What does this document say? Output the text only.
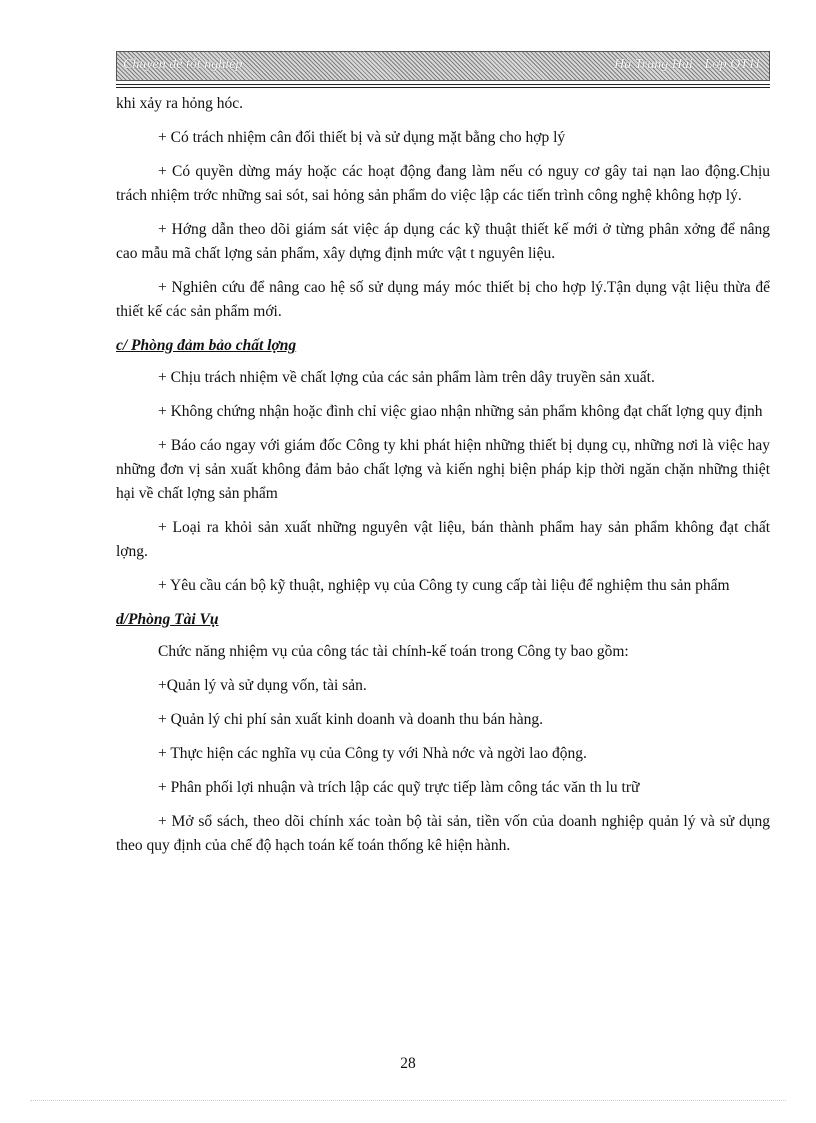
Chuyên đề tốt nghiệp	Hà Trung Hải - Lớp QT11

khi xảy ra hỏng hóc.

+ Có trách nhiệm cân đối thiết bị và sử dụng mặt bằng cho hợp lý

+ Có quyền dừng máy hoặc các hoạt động đang làm nếu có nguy cơ gây tai nạn lao động.Chịu trách nhiệm trớc những sai sót, sai hỏng sản phẩm do việc lập các tiến trình công nghệ không hợp lý.

+ Hớng dẫn theo dõi giám sát việc áp dụng các kỹ thuật thiết kế mới ở từng phân xởng để nâng cao mẫu mã chất lợng sản phẩm, xây dựng định mức vật t nguyên liệu.

+ Nghiên cứu để nâng cao hệ số sử dụng máy móc thiết bị cho hợp lý.Tận dụng vật liệu thừa để thiết kế các sản phẩm mới.

c/ Phòng đảm bảo chất lợng

+ Chịu trách nhiệm về chất lợng của các sản phẩm làm trên dây truyền sản xuất.

+ Không chứng nhận hoặc đình chỉ việc giao nhận những sản phẩm không đạt chất lợng quy định

+ Báo cáo ngay với giám đốc Công ty khi phát hiện những thiết bị dụng cụ, những nơi là việc hay những đơn vị sản xuất không đảm bảo chất lợng và kiến nghị biện pháp kịp thời ngăn chặn những thiệt hại về chất lợng sản phẩm

+ Loại ra khỏi sản xuất những nguyên vật liệu, bán thành phẩm hay sản phẩm không đạt chất lợng.

+ Yêu cầu cán bộ kỹ thuật, nghiệp vụ của Công ty cung cấp tài liệu để nghiệm thu sản phẩm

d/Phòng Tài Vụ

Chức năng nhiệm vụ của công tác tài chính-kế toán trong Công ty bao gồm:

+Quản lý và sử dụng vốn, tài sản.

+ Quản lý chi phí sản xuất kinh doanh và doanh thu bán hàng.

+ Thực hiện các nghĩa vụ của Công ty với Nhà nớc và ngời lao động.

+ Phân phối lợi nhuận và trích lập các quỹ trực tiếp làm công tác văn th lu trữ

+ Mở sổ sách, theo dõi chính xác toàn bộ tài sản, tiền vốn của doanh nghiệp quản lý và sử dụng theo quy định của chế độ hạch toán kế toán thống kê hiện hành.

28
